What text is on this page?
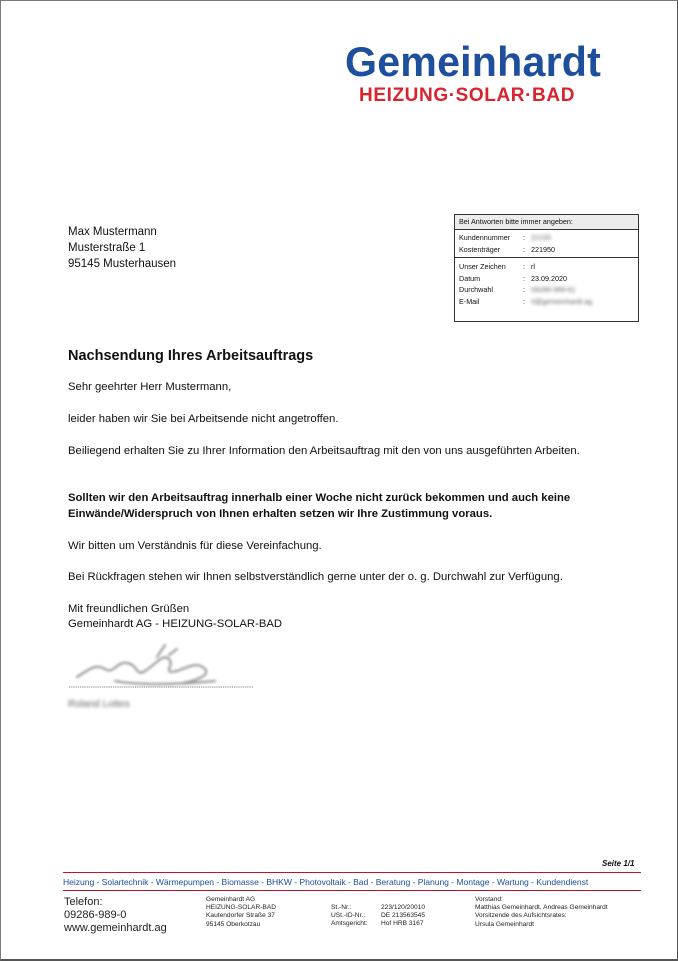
Gemeinhardt
HEIZUNG·SOLAR·BAD
Max Mustermann
Musterstraße 1
95145 Musterhausen
Bei Antworten bitte immer angeben:
Kundennummer	: 22155
Kostenträger	: 221950
Unser Zeichen	: rl
Datum	: 23.09.2020
Durchwahl	: 09286-989-61
E-Mail	: rl@gemeinhardt.ag
Nachsendung Ihres Arbeitsauftrags
Sehr geehrter Herr Mustermann,
leider haben wir Sie bei Arbeitsende nicht angetroffen.
Beiliegend erhalten Sie zu Ihrer Information den Arbeitsauftrag mit den von uns ausgeführten Arbeiten.
Sollten wir den Arbeitsauftrag innerhalb einer Woche nicht zurück bekommen und auch keine Einwände/Widerspruch von Ihnen erhalten setzen wir Ihre Zustimmung voraus.
Wir bitten um Verständnis für diese Vereinfachung.
Bei Rückfragen stehen wir Ihnen selbstverständlich gerne unter der o. g. Durchwahl zur Verfügung.
Mit freundlichen Grüßen
Gemeinhardt AG - HEIZUNG-SOLAR-BAD
Roland Lottes
Seite 1/1
Heizung - Solartechnik - Wärmepumpen - Biomasse - BHKW - Photovoltaik - Bad - Beratung - Planung - Montage - Wartung - Kundendienst
Telefon:
09286-989-0
www.gemeinhardt.ag
Gemeinhardt AG
HEIZUNG-SOLAR-BAD
Kautendorfer Straße 37
95145 Oberkotzau
St.-Nr.:	223/120/20010
USt.-ID-Nr.:	DE 213563545
Amtsgericht:	Hof HRB 3167
Vorstand:
Matthias Gemeinhardt, Andreas Gemeinhardt
Vorsitzende des Aufsichtsrates:
Ursula Gemeinhardt
